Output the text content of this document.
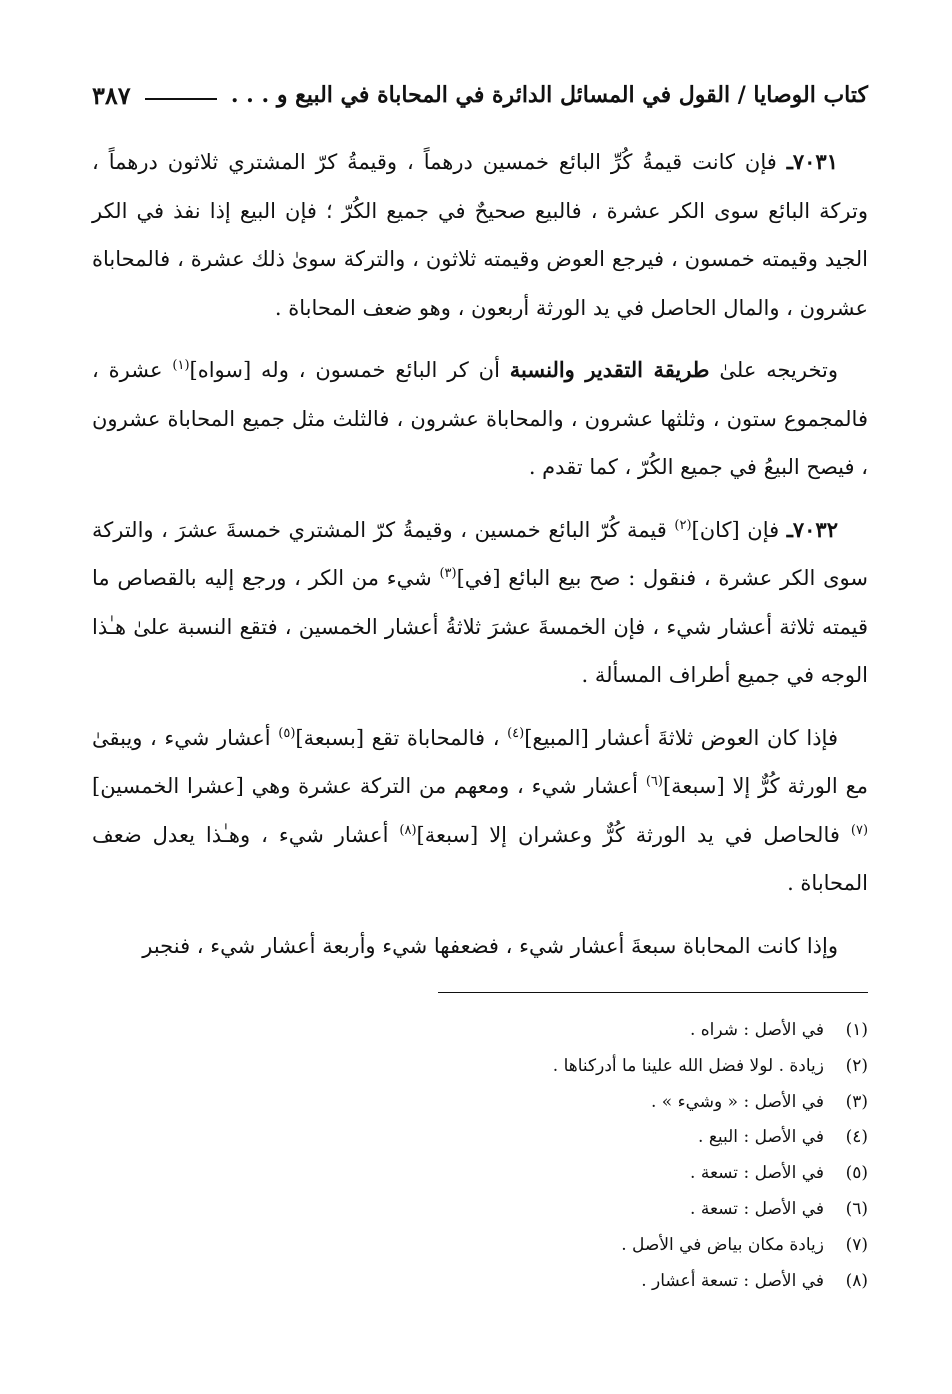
كتاب الوصايا / القول في المسائل الدائرة في المحاباة في البيع و . . .
٣٨٧

٧٠٣١ـ فإن كانت قيمةُ كُرِّ البائع خمسين درهماً ، وقيمةُ كرّ المشتري ثلاثون درهماً ، وتركة البائع سوى الكر عشرة ، فالبيع صحيحٌ في جميع الكُرّ ؛ فإن البيع إذا نفذ في الكر الجيد وقيمته خمسون ، فيرجع العوض وقيمته ثلاثون ، والتركة سوىٰ ذلك عشرة ، فالمحاباة عشرون ، والمال الحاصل في يد الورثة أربعون ، وهو ضعف المحاباة .

وتخريجه علىٰ طريقة التقدير والنسبة أن كر البائع خمسون ، وله [سواه]$^{(١)}$ عشرة ، فالمجموع ستون ، وثلثها عشرون ، والمحاباة عشرون ، فالثلث مثل جميع المحاباة عشرون ، فيصح البيعُ في جميع الكُرّ ، كما تقدم .

٧٠٣٢ـ فإن [كان]$^{(٢)}$ قيمة كُرّ البائع خمسين ، وقيمةُ كرّ المشتري خمسةَ عشرَ ، والتركة سوى الكر عشرة ، فنقول : صح بيع البائع [في]$^{(٣)}$ شيء من الكر ، ورجع إليه بالقصاص ما قيمته ثلاثة أعشار شيء ، فإن الخمسةَ عشرَ ثلاثةُ أعشار الخمسين ، فتقع النسبة علىٰ هـٰذا الوجه في جميع أطراف المسألة .

فإذا كان العوض ثلاثةَ أعشار [المبيع]$^{(٤)}$ ، فالمحاباة تقع [بسبعة]$^{(٥)}$ أعشار شيء ، ويبقىٰ مع الورثة كُرٌّ إلا [سبعة]$^{(٦)}$ أعشار شيء ، ومعهم من التركة عشرة وهي [عشرا الخمسين]$^{(٧)}$ فالحاصل في يد الورثة كُرٌّ وعشران إلا [سبعة]$^{(٨)}$ أعشار شيء ، وهـٰذا يعدل ضعف المحاباة .

وإذا كانت المحاباة سبعةَ أعشار شيء ، فضعفها شيء وأربعة أعشار شيء ، فنجبر

(١)
في الأصل : شراه .
(٢)
زيادة . لولا فضل الله علينا ما أدركناها .
(٣)
في الأصل : « وشيء » .
(٤)
في الأصل : البيع .
(٥)
في الأصل : تسعة .
(٦)
في الأصل : تسعة .
(٧)
زيادة مكان بياض في الأصل .
(٨)
في الأصل : تسعة أعشار .
